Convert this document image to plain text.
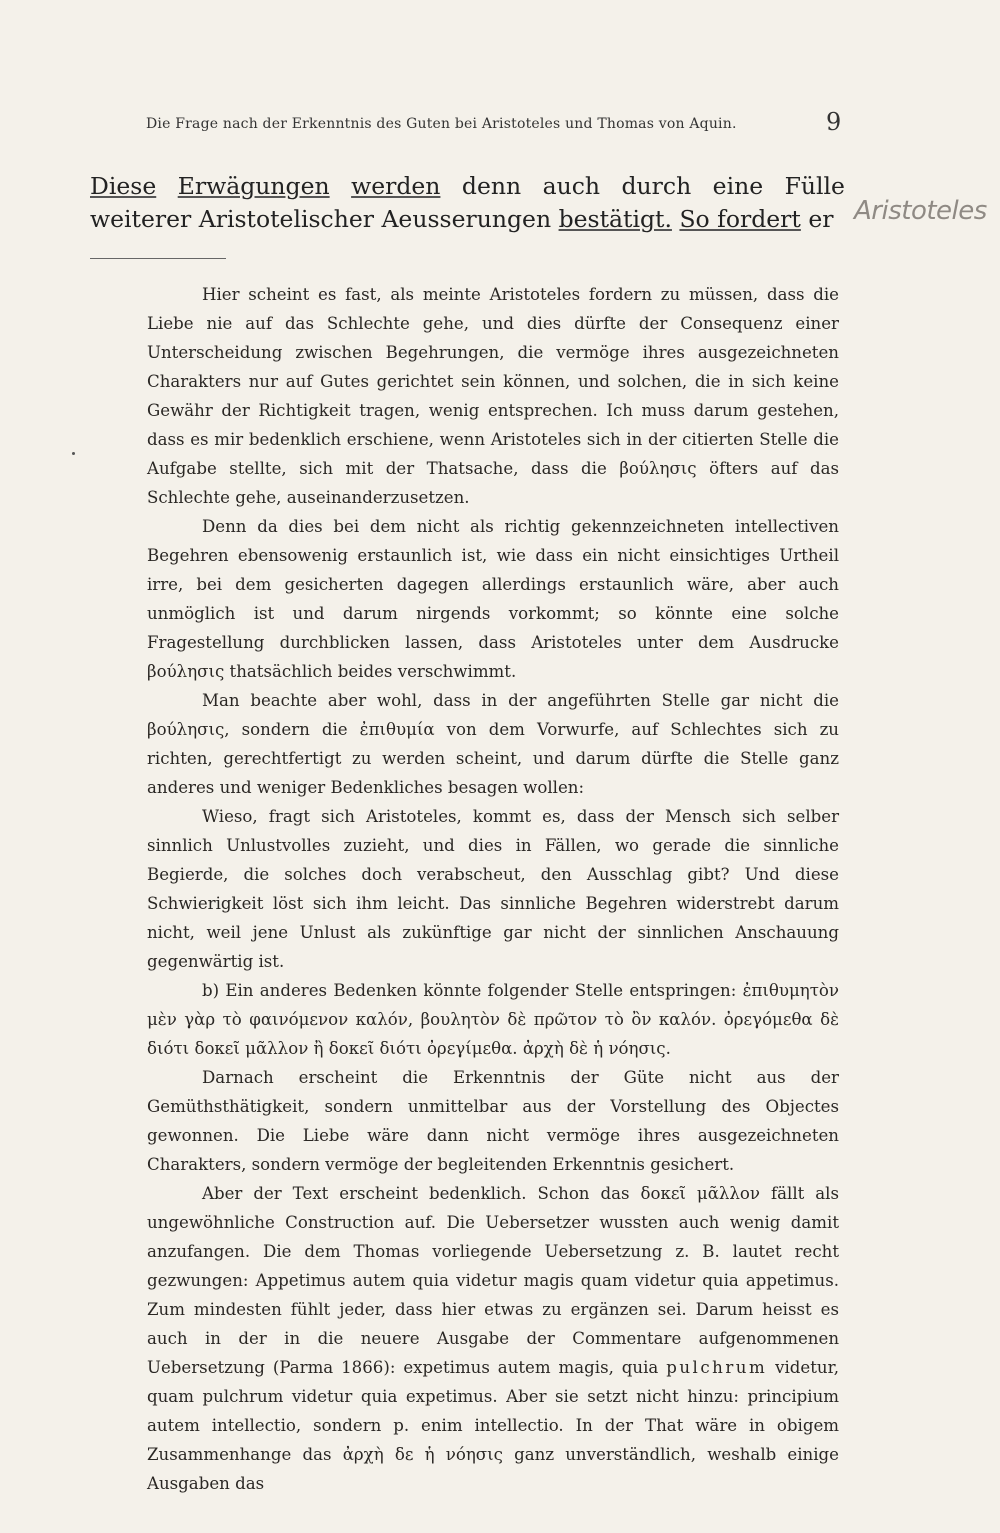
Die Frage nach der Erkenntnis des Guten bei Aristoteles und Thomas von Aquin.	9
Diese Erwägungen werden denn auch durch eine Fülle
weiterer Aristotelischer Aeusserungen bestätigt. So fordert er Aristoteles

Hier scheint es fast, als meinte Aristoteles fordern zu müssen, dass die Liebe nie auf das Schlechte gehe, und dies dürfte der Consequenz einer Unterscheidung zwischen Begehrungen, die vermöge ihres ausgezeichneten Charakters nur auf Gutes gerichtet sein können, und solchen, die in sich keine Gewähr der Richtigkeit tragen, wenig entsprechen. Ich muss darum gestehen, dass es mir bedenklich erschiene, wenn Aristoteles sich in der citierten Stelle die Aufgabe stellte, sich mit der Thatsache, dass die βούλησις öfters auf das Schlechte gehe, auseinanderzusetzen.

Denn da dies bei dem nicht als richtig gekennzeichneten intellectiven Begehren ebensowenig erstaunlich ist, wie dass ein nicht einsichtiges Urtheil irre, bei dem gesicherten dagegen allerdings erstaunlich wäre, aber auch unmöglich ist und darum nirgends vorkommt; so könnte eine solche Fragestellung durchblicken lassen, dass Aristoteles unter dem Ausdrucke βούλησις thatsächlich beides verschwimmt.

Man beachte aber wohl, dass in der angeführten Stelle gar nicht die βούλησις, sondern die ἐπιθυμία von dem Vorwurfe, auf Schlechtes sich zu richten, gerechtfertigt zu werden scheint, und darum dürfte die Stelle ganz anderes und weniger Bedenkliches besagen wollen:

Wieso, fragt sich Aristoteles, kommt es, dass der Mensch sich selber sinnlich Unlustvolles zuzieht, und dies in Fällen, wo gerade die sinnliche Begierde, die solches doch verabscheut, den Ausschlag gibt? Und diese Schwierigkeit löst sich ihm leicht. Das sinnliche Begehren widerstrebt darum nicht, weil jene Unlust als zukünftige gar nicht der sinnlichen Anschauung gegenwärtig ist.

b) Ein anderes Bedenken könnte folgender Stelle entspringen: ἐπιθυμητὸν μὲν γὰρ τὸ φαινόμενον καλόν, βουλητὸν δὲ πρῶτον τὸ ὂν καλόν. ὀρεγόμεθα δὲ διότι δοκεῖ μᾶλλον ἢ δοκεῖ διότι ὀρεγίμεθα. ἀρχὴ δὲ ἡ νόησις.

Darnach erscheint die Erkenntnis der Güte nicht aus der Gemüthsthätigkeit, sondern unmittelbar aus der Vorstellung des Objectes gewonnen. Die Liebe wäre dann nicht vermöge ihres ausgezeichneten Charakters, sondern vermöge der begleitenden Erkenntnis gesichert.

Aber der Text erscheint bedenklich. Schon das δοκεῖ μᾶλλον fällt als ungewöhnliche Construction auf. Die Uebersetzer wussten auch wenig damit anzufangen. Die dem Thomas vorliegende Uebersetzung z. B. lautet recht gezwungen: Appetimus autem quia videtur magis quam videtur quia appetimus. Zum mindesten fühlt jeder, dass hier etwas zu ergänzen sei. Darum heisst es auch in der in die neuere Ausgabe der Commentare aufgenommenen Uebersetzung (Parma 1866): expetimus autem magis, quia pulchrum videtur, quam pulchrum videtur quia expetimus. Aber sie setzt nicht hinzu: principium autem intellectio, sondern p. enim intellectio. In der That wäre in obigem Zusammenhange das ἀρχὴ δε ἡ νόησις ganz unverständlich, weshalb einige Ausgaben das
